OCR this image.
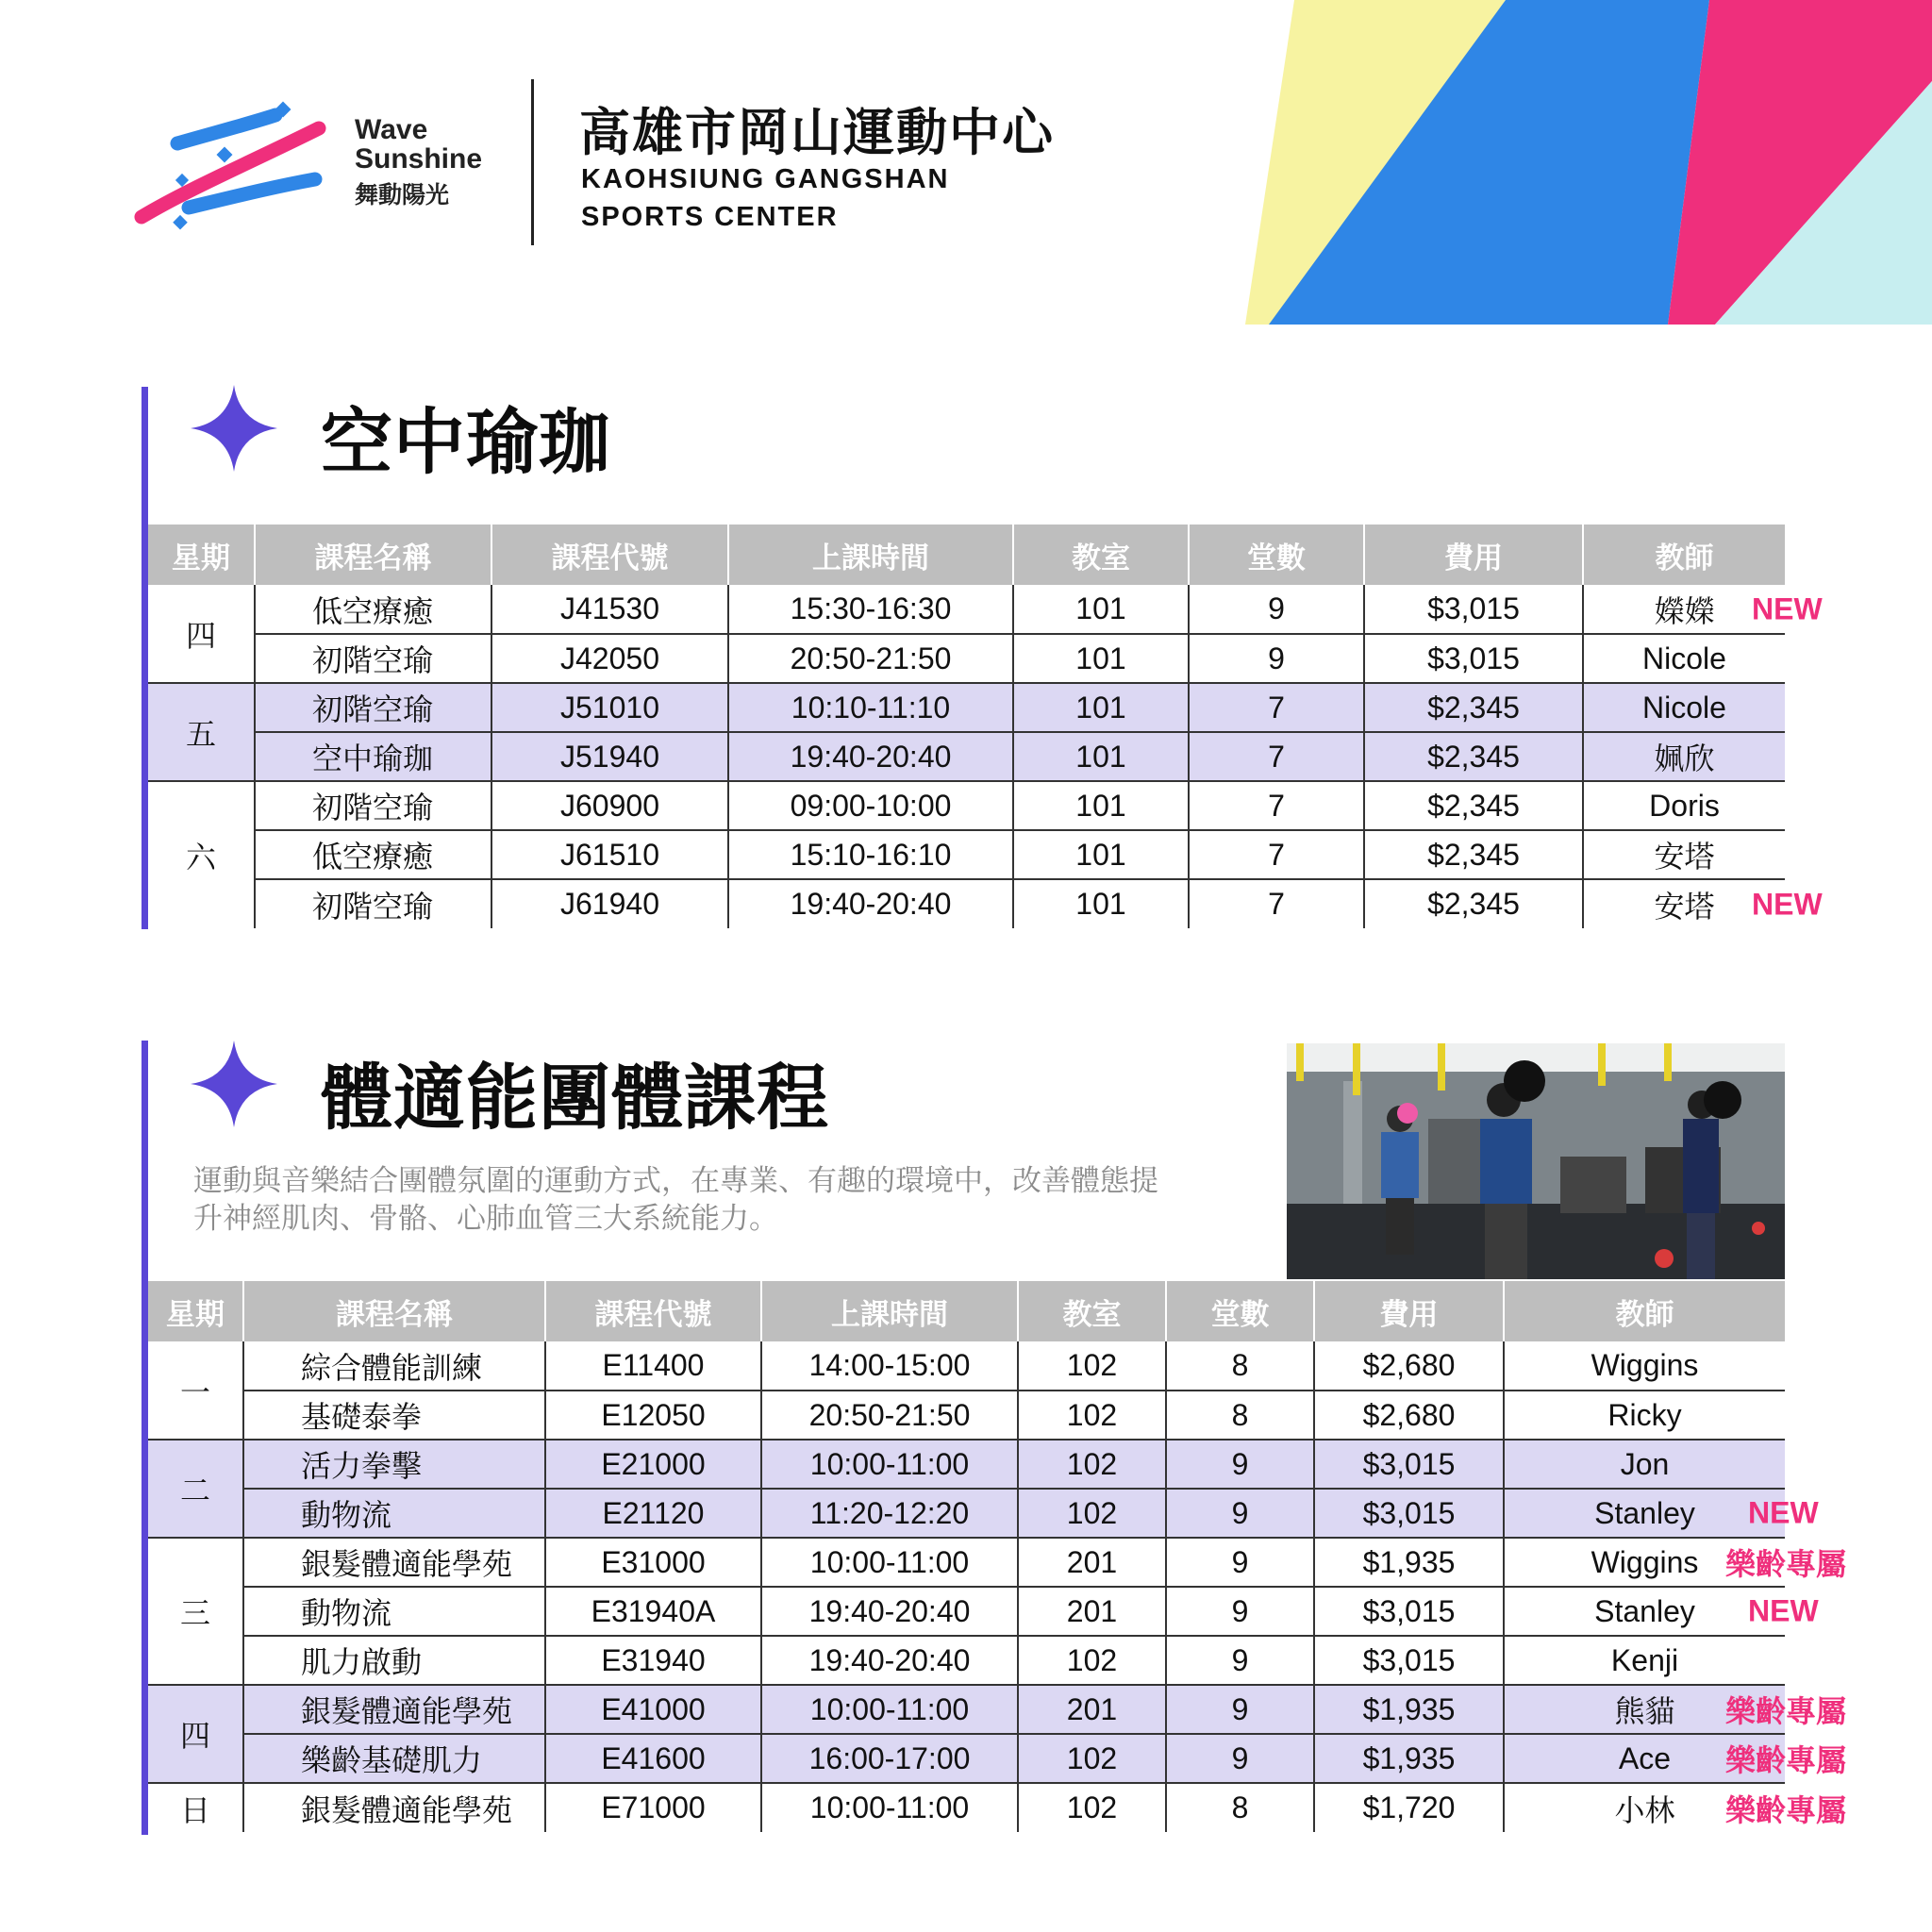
Wave
Sunshine
舞動陽光
高雄市岡山運動中心
KAOHSIUNG GANGSHAN
SPORTS CENTER
空中瑜珈
星期	課程名稱	課程代號	上課時間	教室	堂數	費用	教師
四	低空療癒	J41530	15:30-16:30	101	9	$3,015	嬫嬫 NEW

	初階空瑜	J42050	20:50-21:50	101	9	$3,015	Nicole

五	初階空瑜	J51010	10:10-11:10	101	7	$2,345	Nicole

	空中瑜珈	J51940	19:40-20:40	101	7	$2,345	姵欣

六	初階空瑜	J60900	09:00-10:00	101	7	$2,345	Doris

	低空療癒	J61510	15:10-16:10	101	7	$2,345	安塔

	初階空瑜	J61940	19:40-20:40	101	7	$2,345	安塔 NEW
體適能團體課程
運動與音樂結合團體氛圍的運動方式，在專業、有趣的環境中，改善體態提
升神經肌肉、骨骼、心肺血管三大系統能力。
星期	課程名稱	課程代號	上課時間	教室	堂數	費用	教師
一	綜合體能訓練	E11400	14:00-15:00	102	8	$2,680	Wiggins

	基礎泰拳	E12050	20:50-21:50	102	8	$2,680	Ricky

二	活力拳擊	E21000	10:00-11:00	102	9	$3,015	Jon

	動物流	E21120	11:20-12:20	102	9	$3,015	Stanley NEW

三	銀髮體適能學苑	E31000	10:00-11:00	201	9	$1,935	Wiggins 樂齡專屬

	動物流	E31940A	19:40-20:40	201	9	$3,015	Stanley NEW

	肌力啟動	E31940	19:40-20:40	102	9	$3,015	Kenji

四	銀髮體適能學苑	E41000	10:00-11:00	201	9	$1,935	熊貓 樂齡專屬

	樂齡基礎肌力	E41600	16:00-17:00	102	9	$1,935	Ace 樂齡專屬

日	銀髮體適能學苑	E71000	10:00-11:00	102	8	$1,720	小林 樂齡專屬
